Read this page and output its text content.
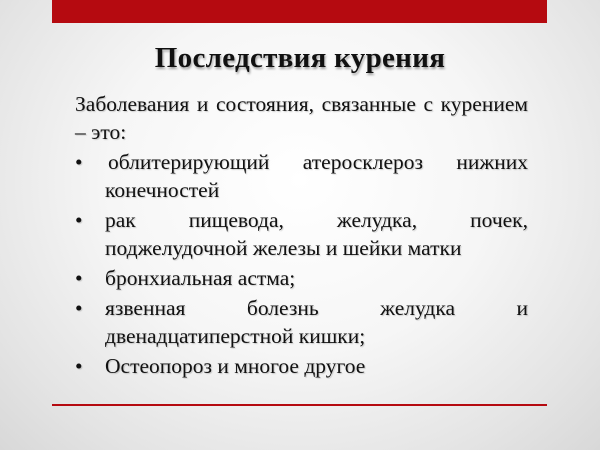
Последствия курения

Заболевания и состояния, связанные с курением – это:

• облитерирующий атеросклероз нижних конечностей
• рак пищевода, желудка, почек, поджелудочной железы и шейки матки
• бронхиальная астма;
• язвенная болезнь желудка и двенадцатиперстной кишки;
• Остеопороз и многое другое
